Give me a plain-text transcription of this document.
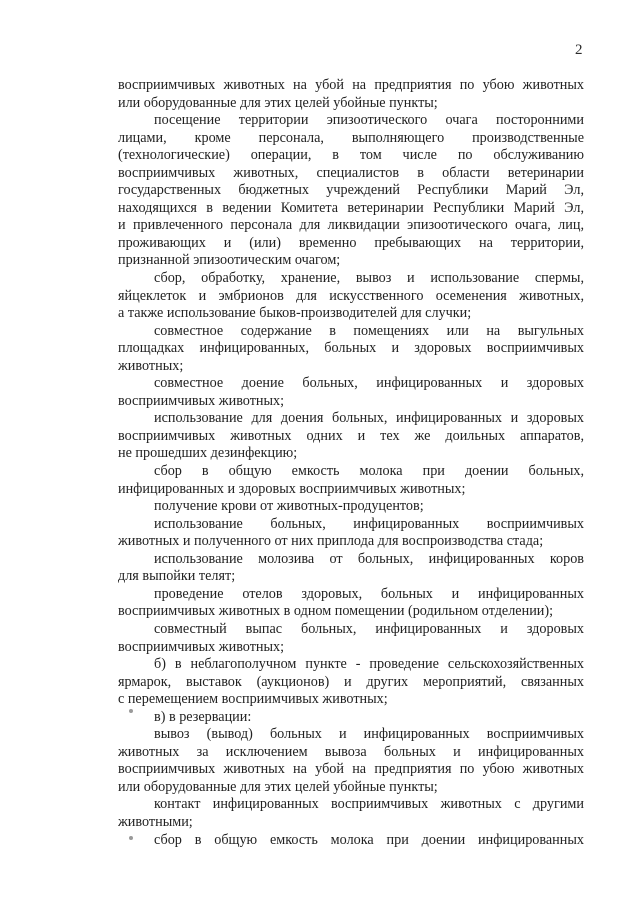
2
восприимчивых животных на убой на предприятия по убою животных
или оборудованные для этих целей убойные пункты;
посещение территории эпизоотического очага посторонними
лицами, кроме персонала, выполняющего производственные
(технологические) операции, в том числе по обслуживанию
восприимчивых животных, специалистов в области ветеринарии
государственных бюджетных учреждений Республики Марий Эл,
находящихся в ведении Комитета ветеринарии Республики Марий Эл,
и привлеченного персонала для ликвидации эпизоотического очага, лиц,
проживающих и (или) временно пребывающих на территории,
признанной эпизоотическим очагом;
сбор, обработку, хранение, вывоз и использование спермы,
яйцеклеток и эмбрионов для искусственного осеменения животных,
а также использование быков-производителей для случки;
совместное содержание в помещениях или на выгульных
площадках инфицированных, больных и здоровых восприимчивых
животных;
совместное доение больных, инфицированных и здоровых
восприимчивых животных;
использование для доения больных, инфицированных и здоровых
восприимчивых животных одних и тех же доильных аппаратов,
не прошедших дезинфекцию;
сбор в общую емкость молока при доении больных,
инфицированных и здоровых восприимчивых животных;
получение крови от животных-продуцентов;
использование больных, инфицированных восприимчивых
животных и полученного от них приплода для воспроизводства стада;
использование молозива от больных, инфицированных коров
для выпойки телят;
проведение отелов здоровых, больных и инфицированных
восприимчивых животных в одном помещении (родильном отделении);
совместный выпас больных, инфицированных и здоровых
восприимчивых животных;
б) в неблагополучном пункте - проведение сельскохозяйственных
ярмарок, выставок (аукционов) и других мероприятий, связанных
с перемещением восприимчивых животных;
в) в резервации:
вывоз (вывод) больных и инфицированных восприимчивых
животных за исключением вывоза больных и инфицированных
восприимчивых животных на убой на предприятия по убою животных
или оборудованные для этих целей убойные пункты;
контакт инфицированных восприимчивых животных с другими
животными;
сбор в общую емкость молока при доении инфицированных
